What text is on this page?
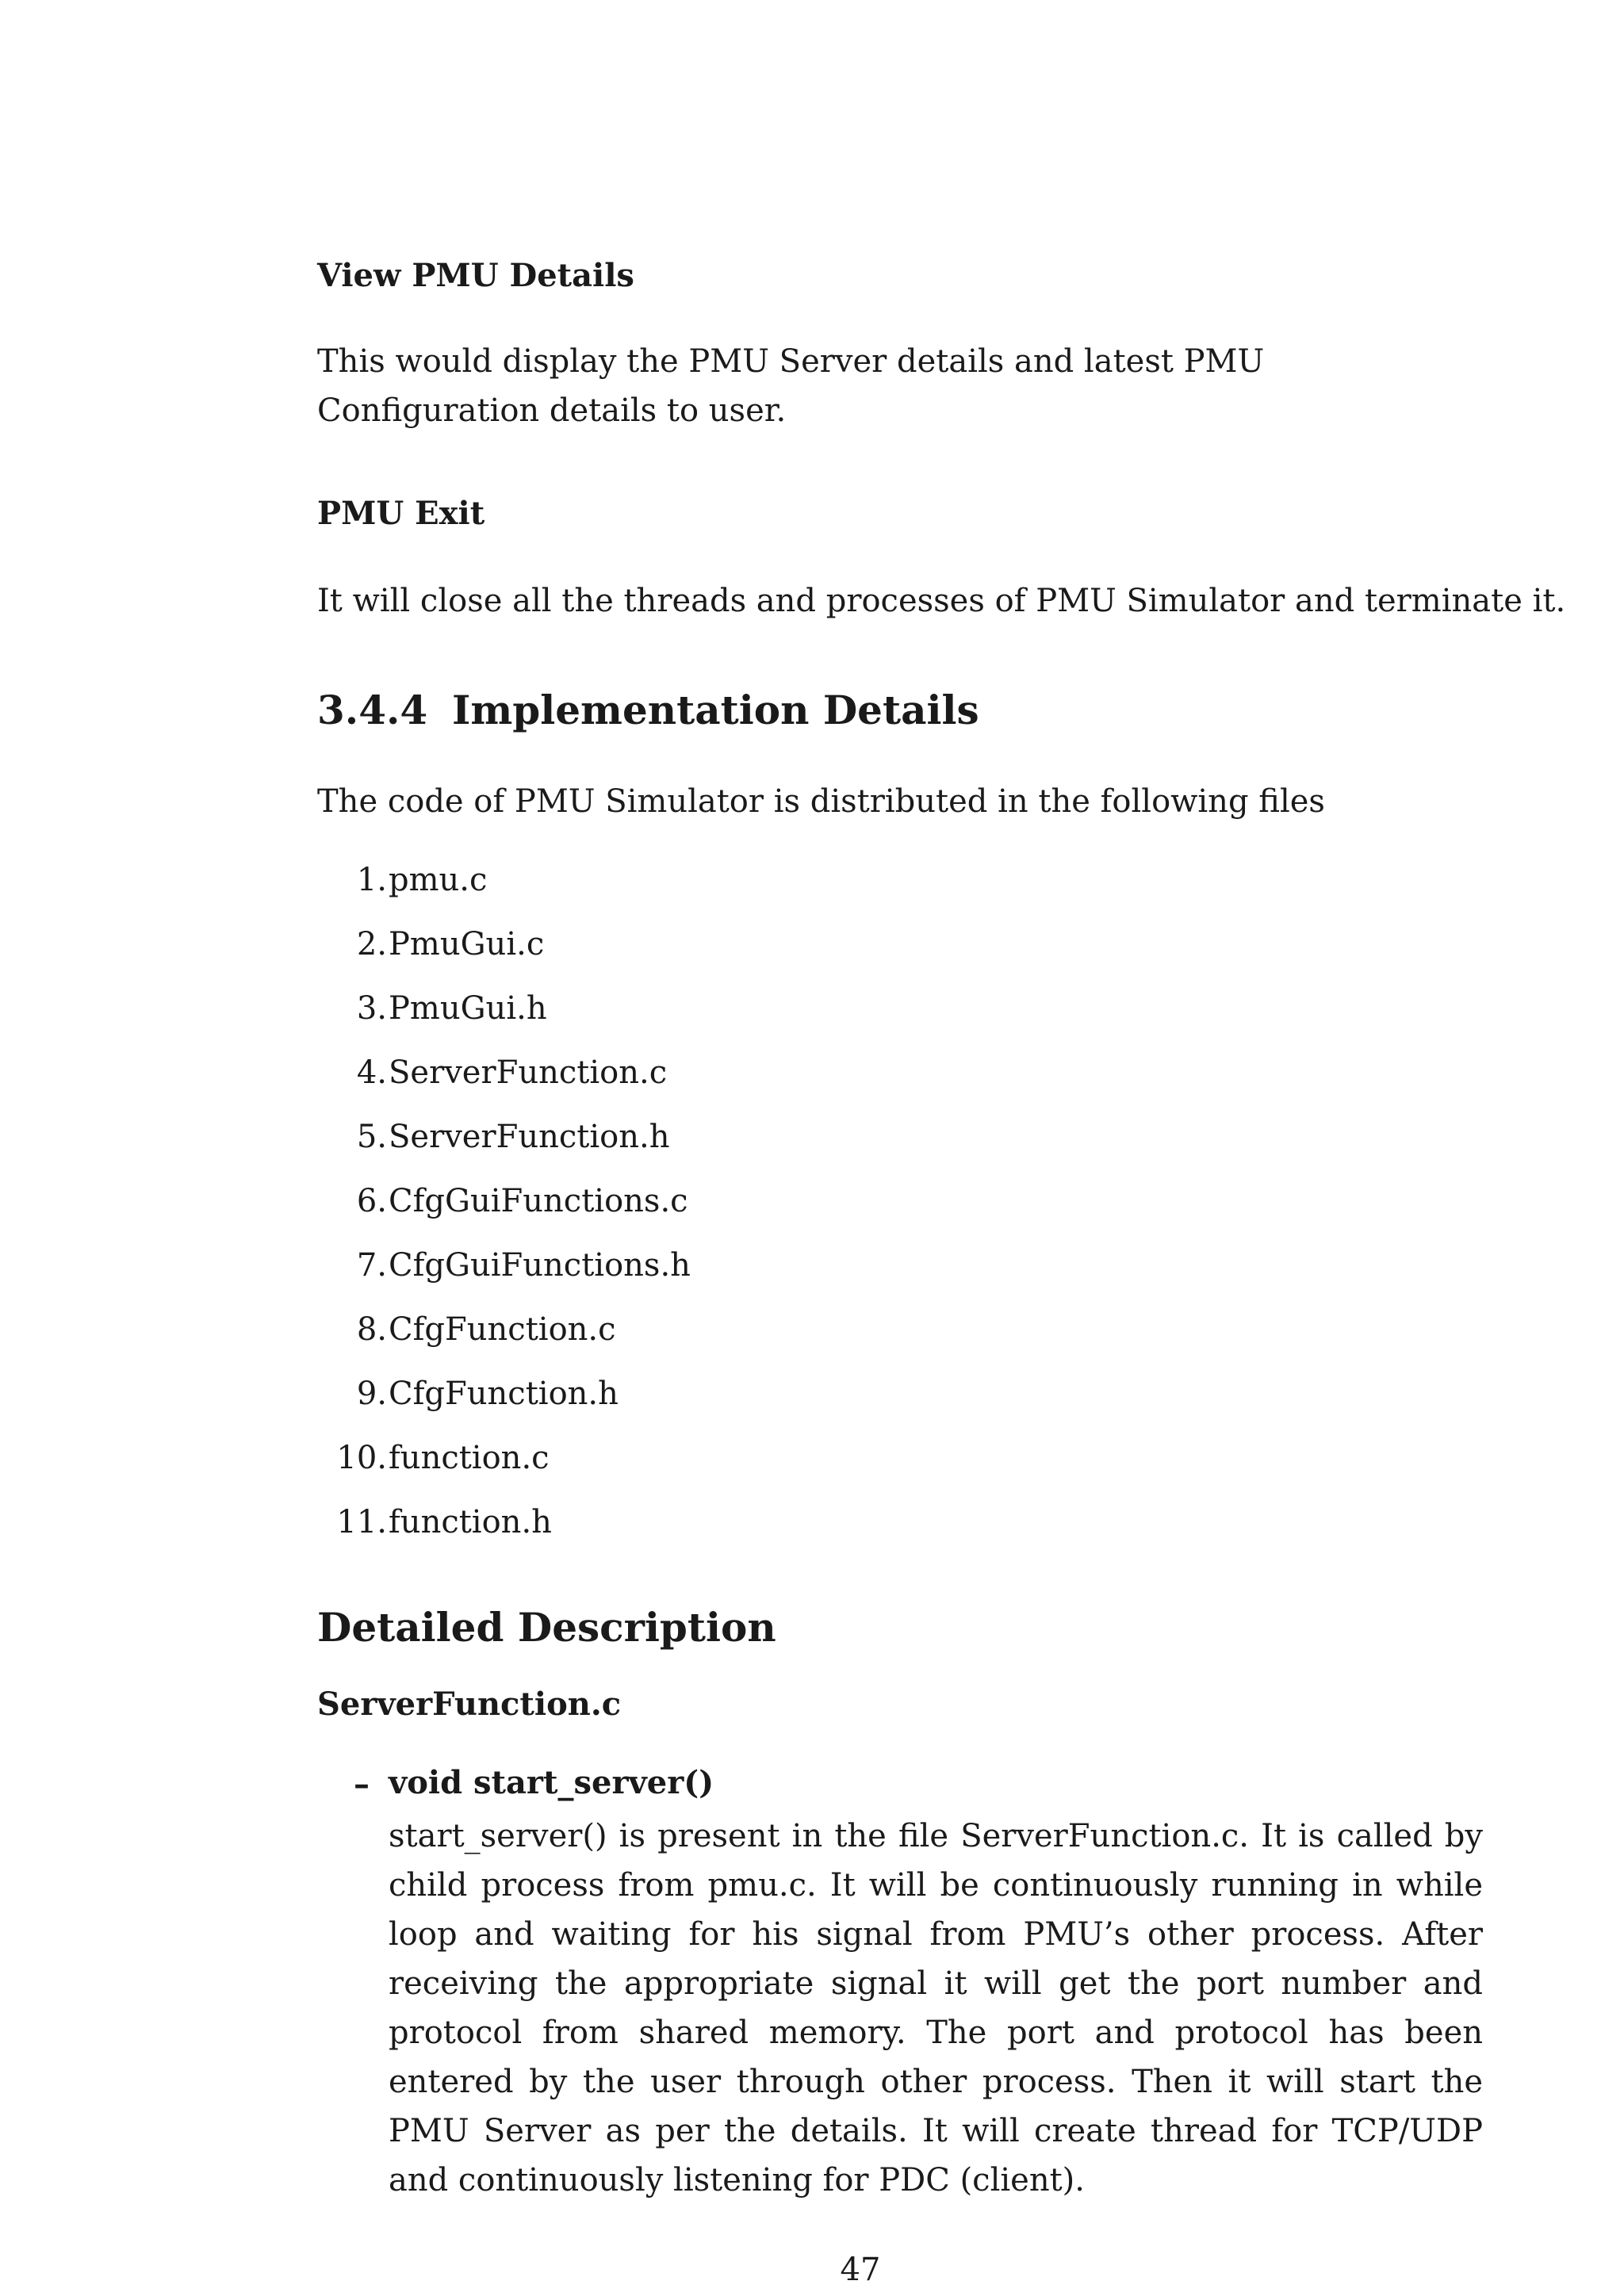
View PMU Details
This would display the PMU Server details and latest PMU Configuration details to user.
PMU Exit
It will close all the threads and processes of PMU Simulator and terminate it.
3.4.4 Implementation Details
The code of PMU Simulator is distributed in the following files
1. pmu.c
2. PmuGui.c
3. PmuGui.h
4. ServerFunction.c
5. ServerFunction.h
6. CfgGuiFunctions.c
7. CfgGuiFunctions.h
8. CfgFunction.c
9. CfgFunction.h
10. function.c
11. function.h
Detailed Description
ServerFunction.c
– void start_server()
start_server() is present in the file ServerFunction.c. It is called by child process from pmu.c. It will be continuously running in while loop and waiting for his signal from PMU’s other process. After receiving the appropriate signal it will get the port number and protocol from shared memory. The port and protocol has been entered by the user through other process. Then it will start the PMU Server as per the details. It will create thread for TCP/UDP and continuously listening for PDC (client).
47
